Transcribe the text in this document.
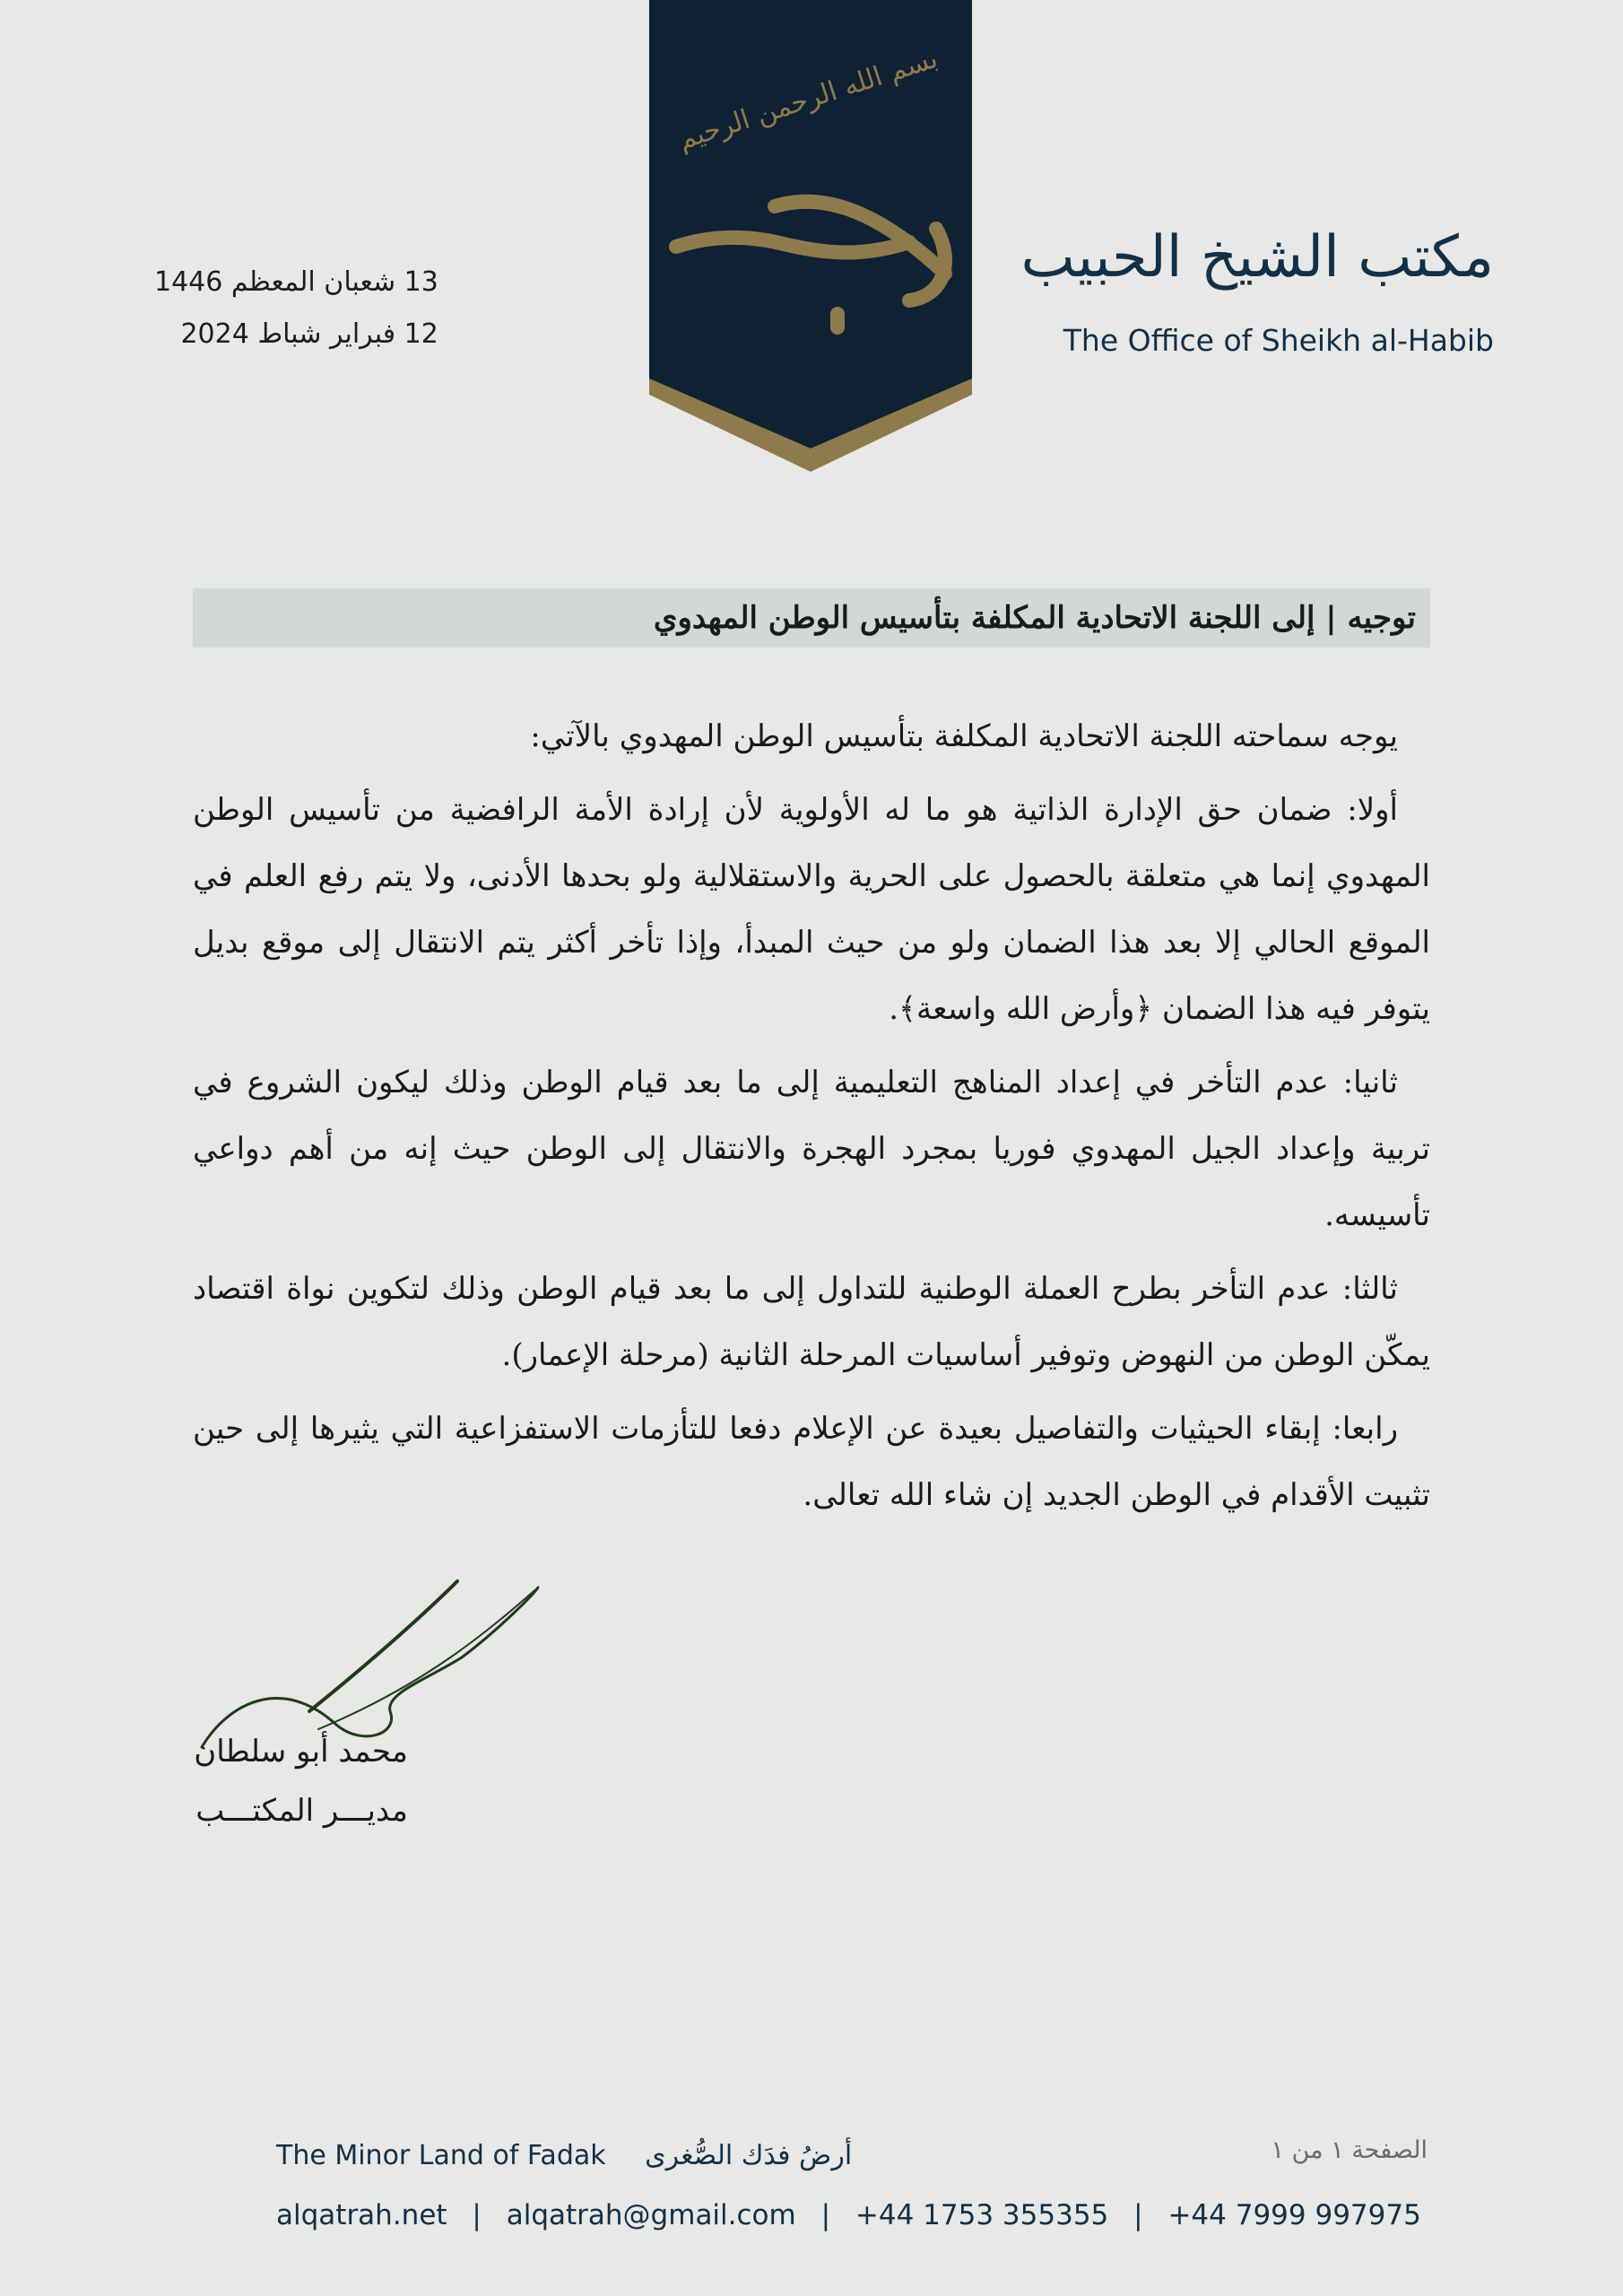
بسم الله الرحمن الرحيم
حبيب	مكتب الشيخ الحبيب
The Office of Sheikh al-Habib
13 شعبان المعظم 1446
12 فبراير شباط 2024
توجيه | إلى اللجنة الاتحادية المكلفة بتأسيس الوطن المهدوي

يوجه سماحته اللجنة الاتحادية المكلفة بتأسيس الوطن المهدوي بالآتي:

أولا: ضمان حق الإدارة الذاتية هو ما له الأولوية لأن إرادة الأمة الرافضية من تأسيس الوطن المهدوي إنما هي متعلقة بالحصول على الحرية والاستقلالية ولو بحدها الأدنى، ولا يتم رفع العلم في الموقع الحالي إلا بعد هذا الضمان ولو من حيث المبدأ، وإذا تأخر أكثر يتم الانتقال إلى موقع بديل يتوفر فيه هذا الضمان ﴿وأرض الله واسعة﴾.

ثانيا: عدم التأخر في إعداد المناهج التعليمية إلى ما بعد قيام الوطن وذلك ليكون الشروع في تربية وإعداد الجيل المهدوي فوريا بمجرد الهجرة والانتقال إلى الوطن حيث إنه من أهم دواعي تأسيسه.

ثالثا: عدم التأخر بطرح العملة الوطنية للتداول إلى ما بعد قيام الوطن وذلك لتكوين نواة اقتصاد يمكّن الوطن من النهوض وتوفير أساسيات المرحلة الثانية (مرحلة الإعمار).

رابعا: إبقاء الحيثيات والتفاصيل بعيدة عن الإعلام دفعا للتأزمات الاستفزاعية التي يثيرها إلى حين تثبيت الأقدام في الوطن الجديد إن شاء الله تعالى.

محمد أبو سلطان
مديـــر المكتـــب
The Minor Land of Fadak أرضُ فدَك الصُّغرى	الصفحة ١ من ١
alqatrah.net | alqatrah@gmail.com | +44 1753 355355 | +44 7999 997975
